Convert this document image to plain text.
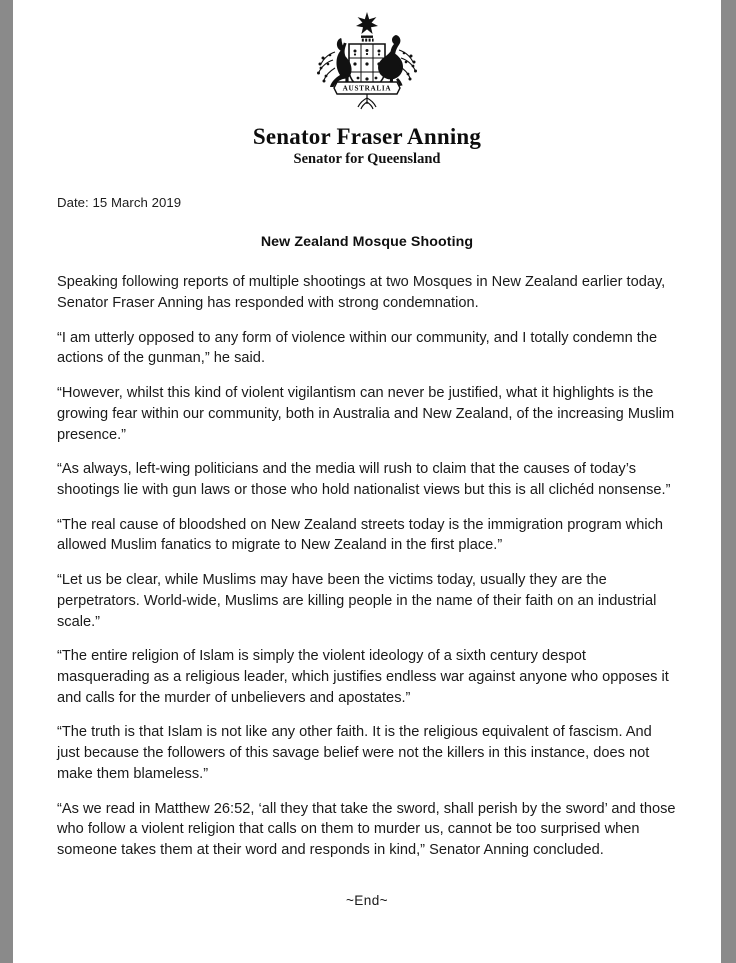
AUSTRALIA
Senator Fraser Anning
Senator for Queensland
Date: 15 March 2019
New Zealand Mosque Shooting

Speaking following reports of multiple shootings at two Mosques in New Zealand earlier today, Senator Fraser Anning has responded with strong condemnation.

“I am utterly opposed to any form of violence within our community, and I totally condemn the actions of the gunman,” he said.

“However, whilst this kind of violent vigilantism can never be justified, what it highlights is the growing fear within our community, both in Australia and New Zealand, of the increasing Muslim presence.”

“As always, left-wing politicians and the media will rush to claim that the causes of today’s shootings lie with gun laws or those who hold nationalist views but this is all clichéd nonsense.”

“The real cause of bloodshed on New Zealand streets today is the immigration program which allowed Muslim fanatics to migrate to New Zealand in the first place.”

“Let us be clear, while Muslims may have been the victims today, usually they are the perpetrators. World-wide, Muslims are killing people in the name of their faith on an industrial scale.”

“The entire religion of Islam is simply the violent ideology of a sixth century despot masquerading as a religious leader, which justifies endless war against anyone who opposes it and calls for the murder of unbelievers and apostates.”

“The truth is that Islam is not like any other faith. It is the religious equivalent of fascism. And just because the followers of this savage belief were not the killers in this instance, does not make them blameless.”

“As we read in Matthew 26:52, ‘all they that take the sword, shall perish by the sword’ and those who follow a violent religion that calls on them to murder us, cannot be too surprised when someone takes them at their word and responds in kind,” Senator Anning concluded.

~End~
